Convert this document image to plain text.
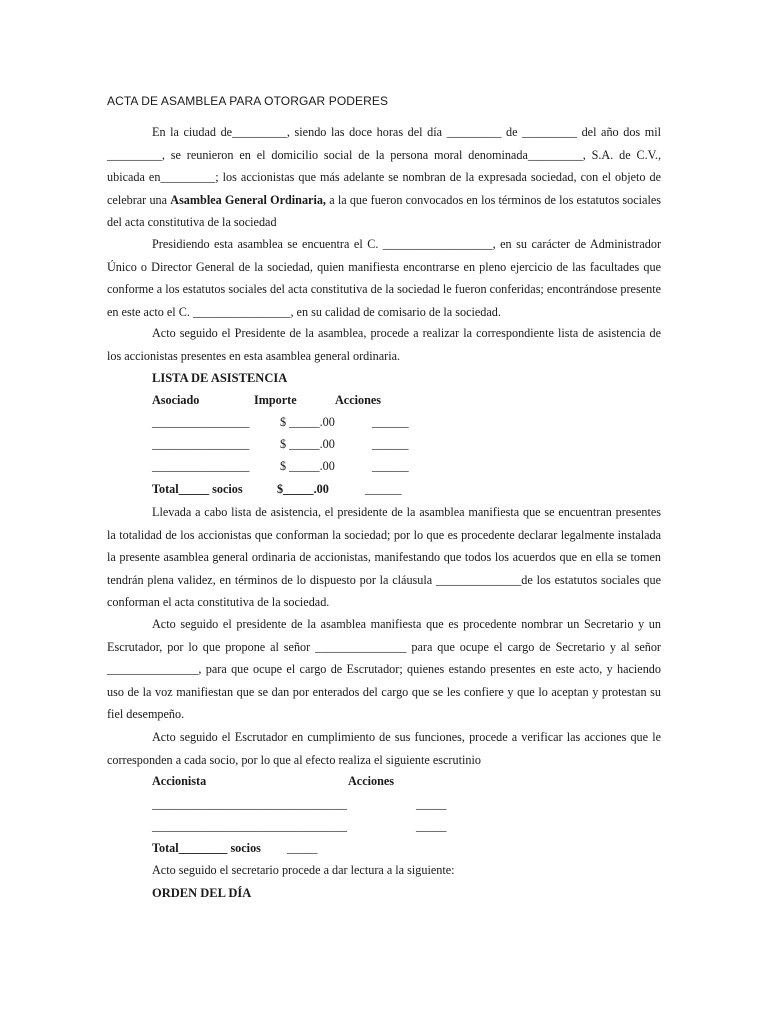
ACTA DE ASAMBLEA PARA OTORGAR PODERES

En la ciudad de_________, siendo las doce horas del día _________ de _________ del año dos mil _________, se reunieron en el domicilio social de la persona moral denominada_________, S.A. de C.V., ubicada en_________; los accionistas que más adelante se nombran de la expresada sociedad, con el objeto de celebrar una Asamblea General Ordinaria, a la que fueron convocados en los términos de los estatutos sociales del acta constitutiva de la sociedad

Presidiendo esta asamblea se encuentra el C. __________________, en su carácter de Administrador Único o Director General de la sociedad, quien manifiesta encontrarse en pleno ejercicio de las facultades que conforme a los estatutos sociales del acta constitutiva de la sociedad le fueron conferidas; encontrándose presente en este acto el C. ________________, en su calidad de comisario de la sociedad.

Acto seguido el Presidente de la asamblea, procede a realizar la correspondiente lista de asistencia de los accionistas presentes en esta asamblea general ordinaria.

LISTA DE ASISTENCIA
Asociado	Importe	Acciones
________________	$ _____.00	______
________________	$ _____.00	______
________________	$ _____.00	______
Total_____ socios	$_____.00	______

Llevada a cabo lista de asistencia, el presidente de la asamblea manifiesta que se encuentran presentes la totalidad de los accionistas que conforman la sociedad; por lo que es procedente declarar legalmente instalada la presente asamblea general ordinaria de accionistas, manifestando que todos los acuerdos que en ella se tomen tendrán plena validez, en términos de lo dispuesto por la cláusula ______________de los estatutos sociales que conforman el acta constitutiva de la sociedad.

Acto seguido el presidente de la asamblea manifiesta que es procedente nombrar un Secretario y un Escrutador, por lo que propone al señor _______________ para que ocupe el cargo de Secretario y al señor _______________, para que ocupe el cargo de Escrutador; quienes estando presentes en este acto, y haciendo uso de la voz manifiestan que se dan por enterados del cargo que se les confiere y que lo aceptan y protestan su fiel desempeño.

Acto seguido el Escrutador en cumplimiento de sus funciones, procede a verificar las acciones que le corresponden a cada socio, por lo que al efecto realiza el siguiente escrutinio

Accionista	Acciones
________________________________	_____
________________________________	_____
Total________ socios _____
Acto seguido el secretario procede a dar lectura a la siguiente:
ORDEN DEL DÍA
